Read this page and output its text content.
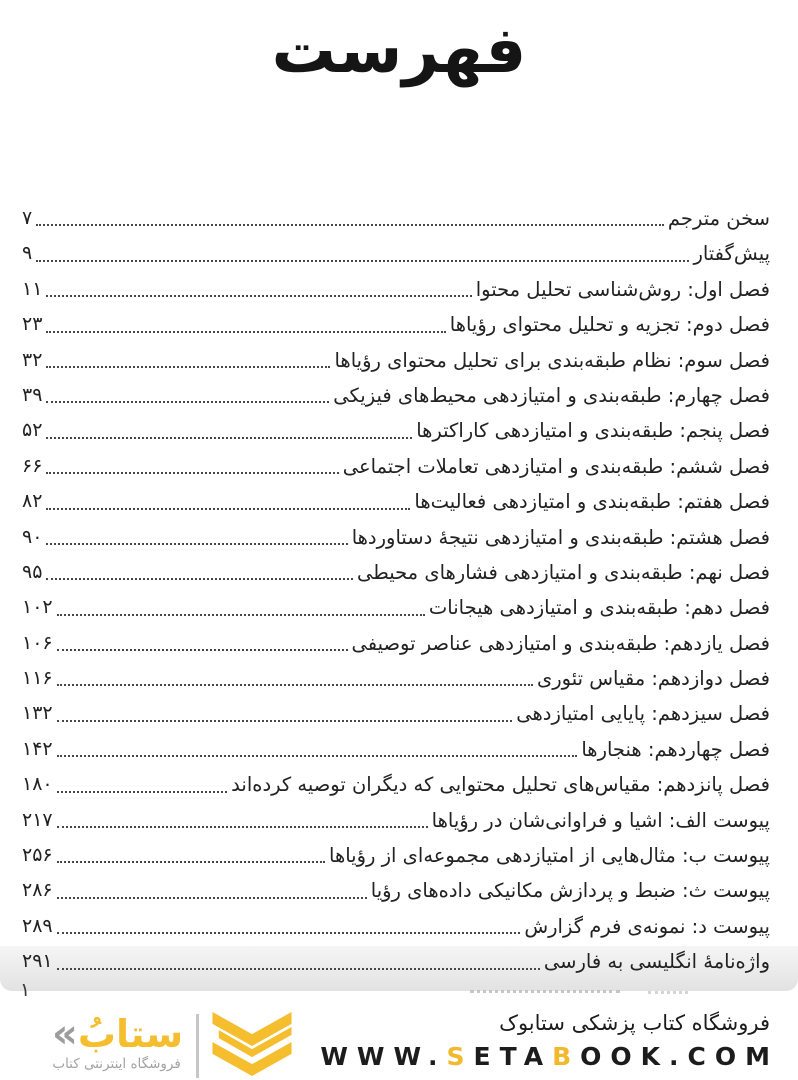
فهرست
سخن مترجم
۷
پیش‌گفتار
۹
فصل اول: روش‌شناسی تحلیل محتوا
۱۱
فصل دوم: تجزیه و تحلیل محتوای رؤیاها
۲۳
فصل سوم: نظام طبقه‌بندی برای تحلیل محتوای رؤیاها
۳۲
فصل چهارم: طبقه‌بندی و امتیازدهی محیط‌های فیزیکی
۳۹
فصل پنجم: طبقه‌بندی و امتیازدهی کاراکترها
۵۲
فصل ششم: طبقه‌بندی و امتیازدهی تعاملات اجتماعی
۶۶
فصل هفتم: طبقه‌بندی و امتیازدهی فعالیت‌ها
۸۲
فصل هشتم: طبقه‌بندی و امتیازدهی نتیجهٔ دستاوردها
۹۰
فصل نهم: طبقه‌بندی و امتیازدهی فشارهای محیطی
۹۵
فصل دهم: طبقه‌بندی و امتیازدهی هیجانات
۱۰۲
فصل یازدهم: طبقه‌بندی و امتیازدهی عناصر توصیفی
۱۰۶
فصل دوازدهم: مقیاس تئوری
۱۱۶
فصل سیزدهم: پایایی امتیازدهی
۱۳۲
فصل چهاردهم: هنجارها
۱۴۲
فصل پانزدهم: مقیاس‌های تحلیل محتوایی که دیگران توصیه کرده‌اند
۱۸۰
پیوست الف: اشیا و فراوانی‌شان در رؤیاها
۲۱۷
پیوست ب: مثال‌هایی از امتیازدهی مجموعه‌ای از رؤیاها
۲۵۶
پیوست ث: ضبط و پردازش مکانیکی داده‌های رؤیا
۲۸۶
پیوست د: نمونه‌ی فرم گزارش
۲۸۹
واژه‌نامهٔ انگلیسی به فارسی
۲۹۱
۱
فروشگاه کتاب پزشکی ستابوک
WWW.SETABOOK.COM
ستابُ
«
فروشگاه اینترنتی کتاب
